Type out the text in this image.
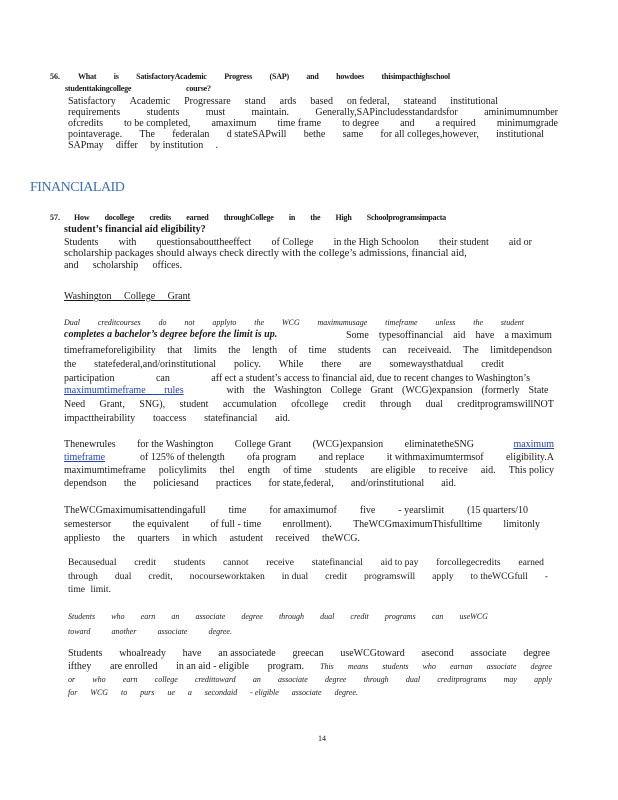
56. What is SatisfactoryAcademic Progress (SAP) and howdoes thisimpacthighschool
studenttakingcollege	course?
Satisfactory Academic Progressare stand ards based on federal, stateand institutional
requirements	students	must	maintain.	Generally,SAPincludesstandardsfor	aminimumnumber
ofcredits to be completed, amaximum time frame to degree and a required minimumgrade
pointaverage. The federalan d stateSAPwill bethe same for all colleges,however, institutional
SAPmay differ by institution .
FINANCIALAID
57. How docollege credits earned throughCollege in the High Schoolprogramsimpacta
student’s financial aid eligibility?
Students with questionsabouttheeffect of College in the High Schoolon their student aid or
scholarship packages should always check directly with the college’s admissions, financial aid,
and scholarship offices.
Washington College Grant
Dual creditcourses do not applyto the WCG maximumusage timeframe unless the student
completes a bachelor’s degree before the limit is up.	Some typesoffinancial aid have a maximum
timeframeforeligibility that limits the length of time students can receiveaid. The limitdependson
the statefederal,and/orinstitutional policy. While there are somewaysthatdual credit
participation	can	aff ect a student’s access to financial aid, due to recent changes to Washington’s
maximumtimeframe rules	with the Washington College Grant (WCG)expansion (formerly State
Need Grant, SNG), student accumulation ofcollege credit through dual creditprogramswillNOT
impacttheirability toaccess statefinancial aid.
Thenewrules for the Washington College Grant (WCG)expansion eliminatetheSNG	maximum
timeframe	of 125% of thelength ofa program and replace it withmaximumtermsof eligibility.A
maximumtimeframe policylimits thel ength of time students are eligible to receive aid. This policy
dependson the policiesand practices for state,federal, and/orinstitutional aid.
TheWCGmaximumisattendingafull time for amaximumof five - yearslimit (15 quarters/10
semestersor the equivalent of full - time enrollment). TheWCGmaximumThisfulltime limitonly
appliesto the quarters in which astudent received theWCG.
Becausedual credit students cannot receive statefinancial aid to pay forcollegecredits earned
through dual credit, nocourseworktaken in dual credit programswill apply to theWCGfull -
time limit.
Students who earn an associate degree through dual credit programs can useWCG
toward	another	associate	degree.
Students whoalready have an associatede greecan useWCGtoward asecond associate degree
ifthey are enrolled in an aid - eligible program. This means students who earnan associate degree
or who earn college credittoward an associate degree through dual creditprograms may apply
for WCG to purs ue a secondaid - eligible associate degree.
14
